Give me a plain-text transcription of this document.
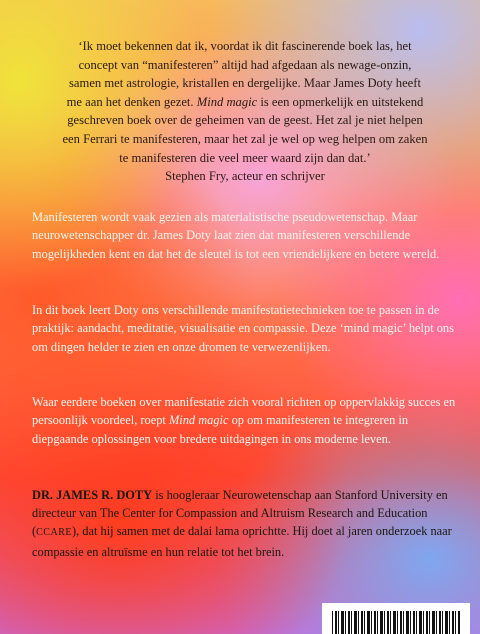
‘Ik moet bekennen dat ik, voordat ik dit fascinerende boek las, het concept van “manifesteren” altijd had afgedaan als newage-onzin, samen met astrologie, kristallen en dergelijke. Maar James Doty heeft me aan het denken gezet. Mind magic is een opmerkelijk en uitstekend geschreven boek over de geheimen van de geest. Het zal je niet helpen een Ferrari te manifesteren, maar het zal je wel op weg helpen om zaken te manifesteren die veel meer waard zijn dan dat.’
Stephen Fry, acteur en schrijver

Manifesteren wordt vaak gezien als materialistische pseudowetenschap. Maar neurowetenschapper dr. James Doty laat zien dat manifesteren verschillende mogelijkheden kent en dat het de sleutel is tot een vriendelijkere en betere wereld.

In dit boek leert Doty ons verschillende manifestatietechnieken toe te passen in de praktijk: aandacht, meditatie, visualisatie en compassie. Deze ‘mind magic’ helpt ons om dingen helder te zien en onze dromen te verwezenlijken.

Waar eerdere boeken over manifestatie zich vooral richten op oppervlakkig succes en persoonlijk voordeel, roept Mind magic op om manifesteren te integreren in diepgaande oplossingen voor bredere uitdagingen in ons moderne leven.

DR. JAMES R. DOTY is hoogleraar Neurowetenschap aan Stanford University en directeur van The Center for Compassion and Altruism Research and Education (CCARE), dat hij samen met de dalai lama oprichtte. Hij doet al jaren onderzoek naar compassie en altruïsme en hun relatie tot het brein.
